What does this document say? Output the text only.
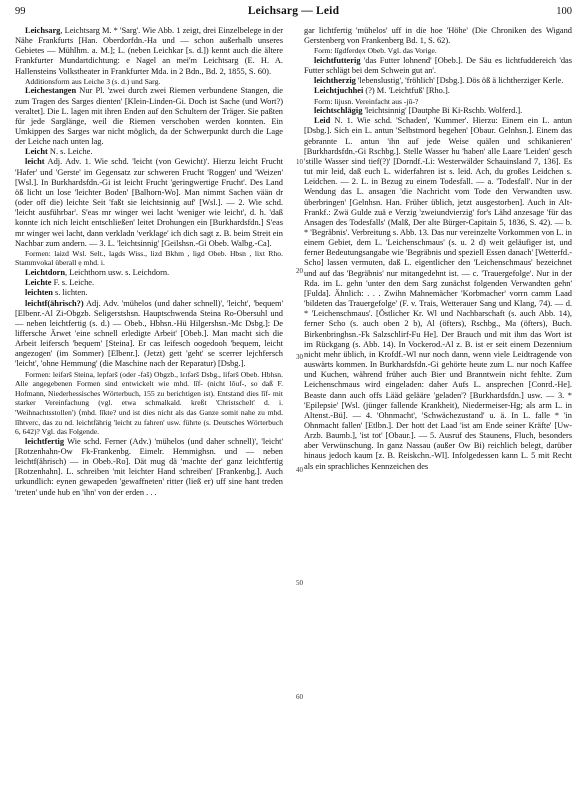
99	Leichsarg — Leid	100

Leichsarg, Leichtsarg M. * 'Sarg'. Wie Abb. 1 zeigt, drei Einzelbelege in der Nähe Frankfurts [Han. Oberdorfdn.-Ha und — schon außerhalb unseres Gebietes — Mühlhm. a. M.]; L. (neben Leichkar [s. d.]) kennt auch die ältere Frankfurter Mundartdichtung: e Nagel an mei'm Leichtsarg (E. H. A. Hallensteins Volkstheater in Frankfurter Mda. in 2 Bdn., Bd. 2, 1855, S. 60).

Additionsform aus Leiche 3 (s. d.) und Sarg.

Leichestangen Nur Pl. 'zwei durch zwei Riemen verbundene Stangen, die zum Tragen des Sarges dienten' [Klein-Linden-Gi. Doch ist Sache (und Wort?) veraltet]. Die L. lagen mit ihren Enden auf den Schultern der Träger. Sie paßten für jede Sarglänge, weil die Riemen verschoben werden konnten. Ein Umkippen des Sarges war nicht möglich, da der Schwerpunkt durch die Lage der Leiche nach unten lag.

Leicht N. s. Leiche.

leicht Adj. Adv. 1. Wie schd. 'leicht (von Gewicht)'. Hierzu leicht Frucht 'Hafer' und 'Gerste' im Gegensatz zur schweren Frucht 'Roggen' und 'Weizen' [Wsl.]. In Burkhardsfdn.-Gi ist leicht Frucht 'geringwertige Frucht'. Des Land öß licht un lose 'leichter Boden' [Balhorn-Wo]. Man nimmt Sachen vään dr (oder off die) leichte Seit 'faßt sie leichtsinnig auf' [Wsl.]. — 2. Wie schd. 'leicht ausführbar'. S'eas mr winger wei lacht 'weniger wie leicht', d. h. 'daß konnte ich nich leicht entschließen' leitet Drohungen ein [Burkhardsfdn.] S'eas mr winger wei lacht, dann verkladn 'verklage' ich dich sagt z. B. beim Streit ein Nachbar zum andern. — 3. L. 'leichtsinnig' [Geilshsn.-Gi Obeb. Walbg.-Ca].

Formen: laizd Wsl. Selt., lagds Wiss., lizd Bkhm , ligd Obeb. Hbsn , lixt Rho. Stammvokal überall ẹ mhd. i.

Leichtdorn, Leichthorn usw. s. Leichdorn.

Leichte F. s. Leiche.

leichten s. lichten.

leichtf(ährisch?) Adj. Adv. 'mühelos (und daher schnell)', 'leicht', 'bequem' [Elbenr.-Al Zi-Obgzb. Seligerstshsn. Hauptschwenda Steina Ro-Obersuhl und — neben leichtfertig (s. d.) — Obeb., Hbhsn.-Hü Hilgershsn.-Mc Dsbg.]: De liffersche Ärwet 'eine schnell erledigte Arbeit' [Obeb.]. Man macht sich die Arbeit leifersch 'bequem' [Steina]. Er cas leifesch oogedooh 'bequem, leicht angezogen' (im Sommer) [Elbenr.]. (Jetzt) gett 'geht' se scerrer lejchfersch 'leicht', 'ohne Hemmung' (die Maschine nach der Reparatur) [Dsbg.].

Formen: leifərš Steina, lepfərš (oder -fəš) Obgzb., lɛɪfərš Dsbg., lifərš Obeb. Hbhsn. Alle angegebenen Formen sind entwickelt wie mhd. lîf- (nicht lôuf-, so daß F. Hofmann, Niederhessisches Wörterbuch, 155 zu berichtigen ist). Entstand dies lîf- mit starker Vereinfachung (vgl. etwa schmalkald. kreßt 'Christschelt' d. i. 'Weihnachtsstollen') ⟨mhd. lîkte? und ist dies nicht als das Ganze somit nahe zu mhd. lîhtverc, das zu nd. leichtfährig 'leicht zu fahren' usw. führte (s. Deutsches Wörterbuch 6, 642)? Vgl. das Folgende.

leichtfertig Wie schd. Ferner (Adv.) 'mühelos (und daher schnell)', 'leicht' [Rotzenhahn-Ow Fk-Frankenbg. Eimelr. Hemmighsn. und — neben leichtf(ährisch) — in Obeb.-Ro]. Dät mug dä 'machte der' ganz leichtfertig [Rotzenhahn]. L. schreiben 'mit leichter Hand schreiben' [Frankenbg.]. Auch urkundlich: eynen gewapeden 'gewaffneten' ritter (ließ er) uff sine hant treden 'treten' unde hub en 'ihn' von der erden . . .

gar lichtfertig 'mühelos' uff in die hoe 'Höhe' (Die Chroniken des Wigand Gerstenberg von Frankenberg Bd. 1, S. 62).

Form: lîgdferdẹx Obeb. Vgl. das Vorige.

leichtfutterig 'das Futter lohnend' [Obeb.]. De Säu es lichtfuddereich 'das Futter schlägt bei dem Schwein gut an'.

leichtherzig 'lebenslustig', 'fröhlich' [Dsbg.]. Dös öß ä lichtherziger Kerle.

Leichtjuchhei (?) M. 'Leichtfuß' [Rho.].

Form: lijusn. Vereinfacht aus -jū-?

leichtschlägig 'leichtsinnig' [Dautphe Bi Ki-Rschb. Wolferd.].

Leid N. 1. Wie schd. 'Schaden', 'Kummer'. Hierzu: Einem ein L. antun [Dsbg.]. Sich ein L. antun 'Selbstmord begehen' [Obaur. Gelnhsn.]. Einem das gebrannte L. antun 'ihn auf jede Weise quälen und schikanieren' [Burkhardsfdn.-Gi Rschbg.]. Stelle Wasser hu 'haben' alle Laare 'Leiden' gesch 'stille Wasser sind tief(?)' [Dorndf.-Li: Westerwälder Schauinsland 7, 136]. Es tut mir leid, daß euch L. widerfahren ist s. leid. Ach, du großes Leidchen s. Leidchen. — 2. L. in Bezug zu einem Todesfall. — a. 'Todesfall'. Nur in der Wendung das L. ansagen 'die Nachricht vom Tode den Verwandten usw. überbringen' [Gelnhsn. Han. Früher üblich, jetzt ausgestorben]. Auch in Alt-Frankf.: Zwä Gulde zuä e Verzig 'zweiundvierzig' for's Lähd anzesage 'für das Ansagen des Todesfalls' (Malß, Der alte Bürger-Capitain 5, 1836, S. 42). — b. * 'Begräbnis'. Verbreitung s. Abb. 13. Das nur vereinzelte Vorkommen von L. in einem Gebiet, dem L. 'Leichenschmaus' (s. u. 2 d) weit geläufiger ist, und ferner Bedeutungsangabe wie 'Begräbnis und speziell Essen danach' [Wetterfd.-Scho] lassen vermuten, daß L. eigentlicher den 'Leichenschmaus' bezeichnet und auf das 'Begräbnis' nur mitangedehnt ist. — c. 'Trauergefolge'. Nur in der Rda. im L. gehn 'unter den dem Sarg zunächst folgenden Verwandten gehn' [Fulda]. Ähnlich: . . . Zwihn Mahnemächer 'Korbmacher' vorrn camm Laad 'bildeten das Trauergefolge' (F. v. Trais, Wetterauer Sang und Klang, 74). — d. * 'Leichenschmaus'. [Östlicher Kr. Wl und Nachbarschaft (s. auch Abb. 14), ferner Scho (s. auch oben 2 b), Al (öfters), Rschbg., Ma (öfters), Buch. Birkenbringhsn.-Fk Salzschlirf-Fu He]. Der Brauch und mit ihm das Wort ist im Rückgang (s. Abb. 14). In Vockerod.-Al z. B. ist er seit einem Dezennium nicht mehr üblich, in Krofdf.-Wl nur noch dann, wenn viele Leidtragende von auswärts kommen. In Burkhardsfdn.-Gi gehörte heute zum L. nur noch Kaffee und Kuchen, während früher auch Bier und Branntwein nicht fehlte. Zum Leichenschmaus wird eingeladen: daher Aufs L. ansprechen [Conrd.-He]. Beaste dann auch offs Lääd gelääre 'geladen'? [Burkhardsfdn.] usw. — 3. * 'Epilepsie' [Wsl. (jünger fallende Krankheit), Niedermeiser-Hg; als arm L. in Altenst.-Bü]. — 4. 'Ohnmacht', 'Schwächezustand' u. ä. In L. falle * 'in Ohnmacht fallen' [Etlbn.]. Der hott det Laad 'ist am Ende seiner Kräfte' [Uw-Arzb. Baumb.], 'ist tot' [Obaur.]. — 5. Ausruf des Staunens, Fluch, besonders aber Verwünschung. In ganz Nassau (außer Ow Bi) reichlich belegt, darüber hinaus jedoch kaum [z. B. Reiskchn.-Wl]. Infolgedessen kann L. 5 mit Recht als ein sprachliches Kennzeichen des

10
20
30
40
50
60
